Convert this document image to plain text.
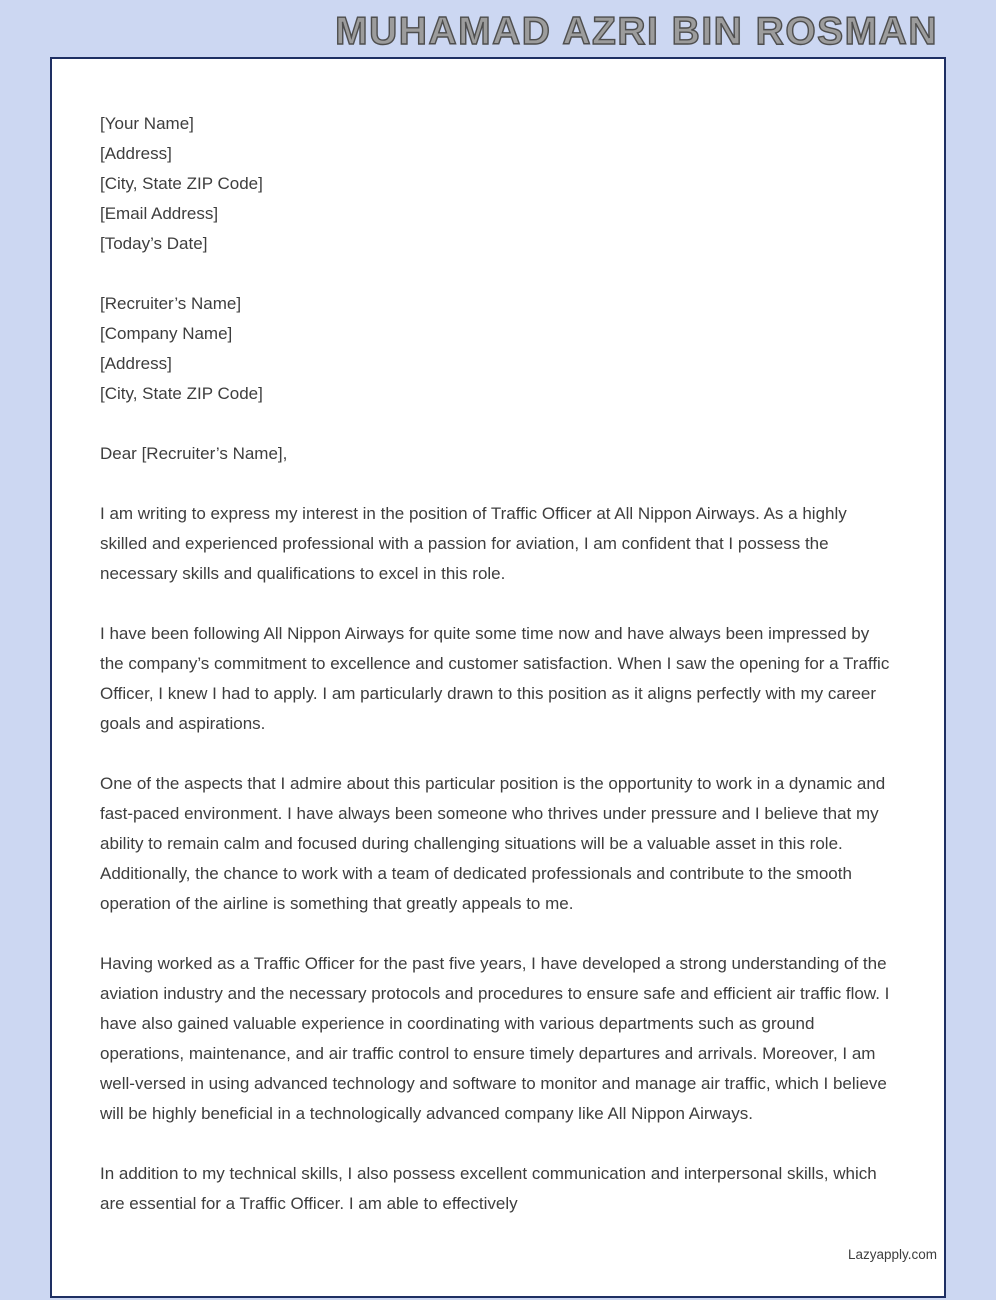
MUHAMAD AZRI BIN ROSMAN

[Your Name]

[Address]

[City, State ZIP Code]

[Email Address]

[Today’s Date]

[Recruiter’s Name]

[Company Name]

[Address]

[City, State ZIP Code]

Dear [Recruiter’s Name],

I am writing to express my interest in the position of Traffic Officer at All Nippon Airways. As a highly skilled and experienced professional with a passion for aviation, I am confident that I possess the necessary skills and qualifications to excel in this role.

I have been following All Nippon Airways for quite some time now and have always been impressed by the company’s commitment to excellence and customer satisfaction. When I saw the opening for a Traffic Officer, I knew I had to apply. I am particularly drawn to this position as it aligns perfectly with my career goals and aspirations.

One of the aspects that I admire about this particular position is the opportunity to work in a dynamic and fast-paced environment. I have always been someone who thrives under pressure and I believe that my ability to remain calm and focused during challenging situations will be a valuable asset in this role. Additionally, the chance to work with a team of dedicated professionals and contribute to the smooth operation of the airline is something that greatly appeals to me.

Having worked as a Traffic Officer for the past five years, I have developed a strong understanding of the aviation industry and the necessary protocols and procedures to ensure safe and efficient air traffic flow. I have also gained valuable experience in coordinating with various departments such as ground operations, maintenance, and air traffic control to ensure timely departures and arrivals. Moreover, I am well-versed in using advanced technology and software to monitor and manage air traffic, which I believe will be highly beneficial in a technologically advanced company like All Nippon Airways.

In addition to my technical skills, I also possess excellent communication and interpersonal skills, which are essential for a Traffic Officer. I am able to effectively

Lazyapply.com
